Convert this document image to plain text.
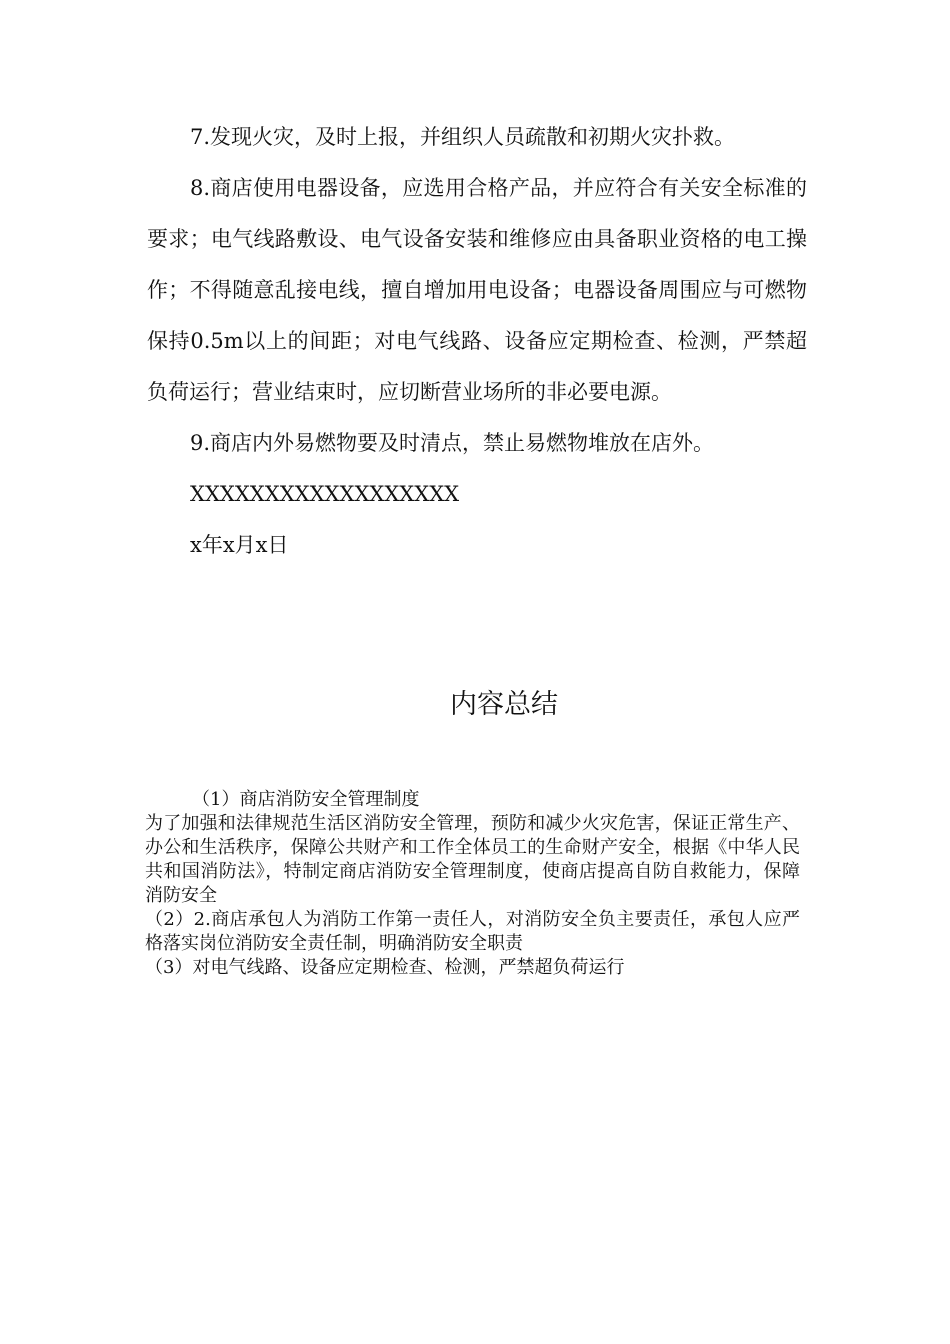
7.发现火灾，及时上报，并组织人员疏散和初期火灾扑救。

8.商店使用电器设备，应选用合格产品，并应符合有关安全标准的要求；电气线路敷设、电气设备安装和维修应由具备职业资格的电工操作；不得随意乱接电线，擅自增加用电设备；电器设备周围应与可燃物保持0.5m以上的间距；对电气线路、设备应定期检查、检测，严禁超负荷运行；营业结束时，应切断营业场所的非必要电源。

9.商店内外易燃物要及时清点，禁止易燃物堆放在店外。

XXXXXXXXXXXXXXXXXX

x年x月x日

内容总结

（1）商店消防安全管理制度

为了加强和法律规范生活区消防安全管理，预防和减少火灾危害，保证正常生产、办公和生活秩序，保障公共财产和工作全体员工的生命财产安全，根据《中华人民共和国消防法》，特制定商店消防安全管理制度，使商店提高自防自救能力，保障消防安全

（2）2.商店承包人为消防工作第一责任人，对消防安全负主要责任，承包人应严格落实岗位消防安全责任制，明确消防安全职责

（3）对电气线路、设备应定期检查、检测，严禁超负荷运行
